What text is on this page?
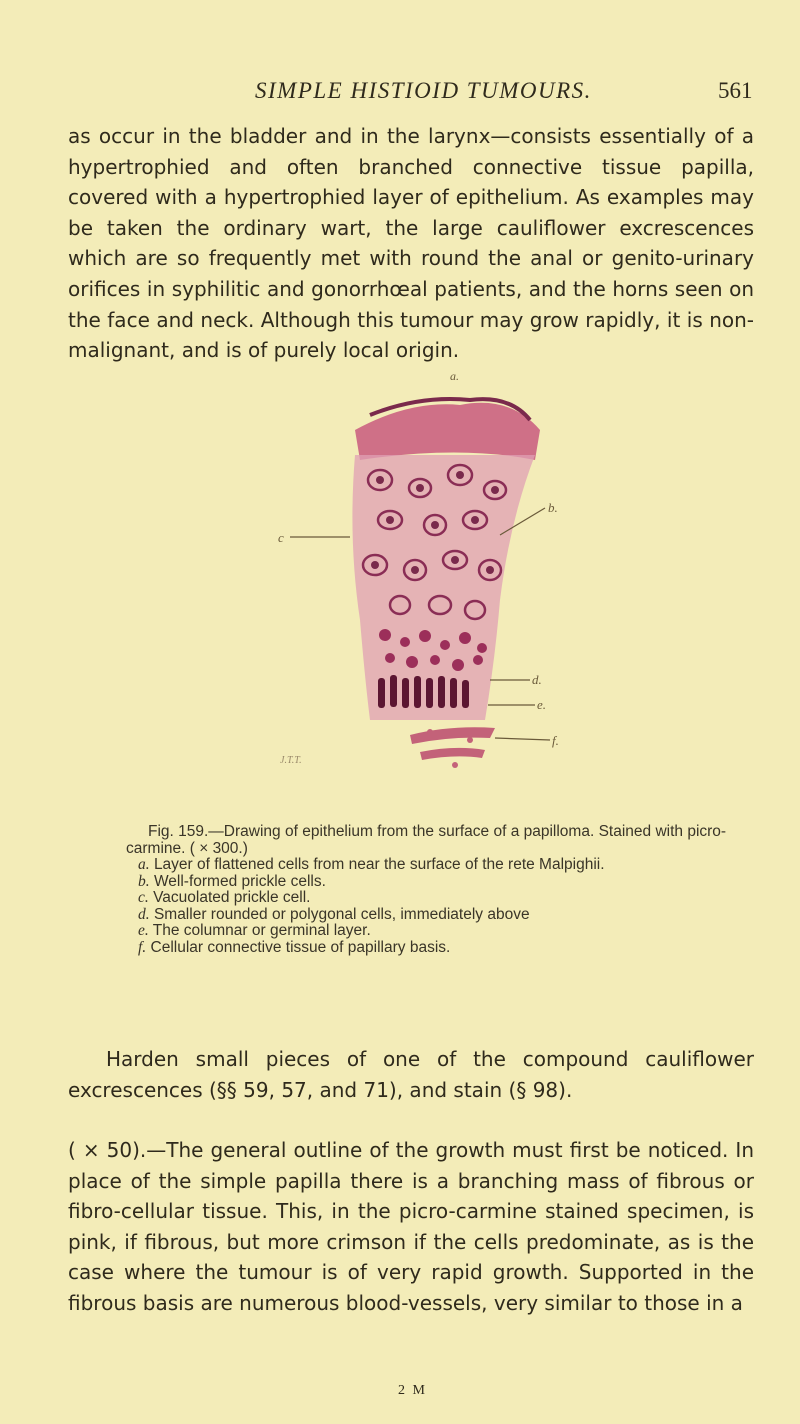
SIMPLE HISTIOID TUMOURS.	561

as occur in the bladder and in the larynx—consists essentially of a hypertrophied and often branched connective tissue papilla, covered with a hypertrophied layer of epithelium. As examples may be taken the ordinary wart, the large cauliflower excrescences which are so frequently met with round the anal or genito-urinary orifices in syphilitic and gonorrhœal patients, and the horns seen on the face and neck. Although this tumour may grow rapidly, it is non-malignant, and is of purely local origin.

a.
b.
c
d.
e.
f.
J.T.T.

Fig. 159.—Drawing of epithelium from the surface of a papilloma. Stained with picro-carmine. ( × 300.)

a. Layer of flattened cells from near the surface of the rete Malpighii.
b. Well-formed prickle cells.
c. Vacuolated prickle cell.
d. Smaller rounded or polygonal cells, immediately above
e. The columnar or germinal layer.
f. Cellular connective tissue of papillary basis.

Harden small pieces of one of the compound cauliflower excrescences (§§ 59, 57, and 71), and stain (§ 98).

( × 50).—The general outline of the growth must first be noticed. In place of the simple papilla there is a branching mass of fibrous or fibro-cellular tissue. This, in the picro-carmine stained specimen, is pink, if fibrous, but more crimson if the cells predominate, as is the case where the tumour is of very rapid growth. Supported in the fibrous basis are numerous blood-vessels, very similar to those in a

2 M
